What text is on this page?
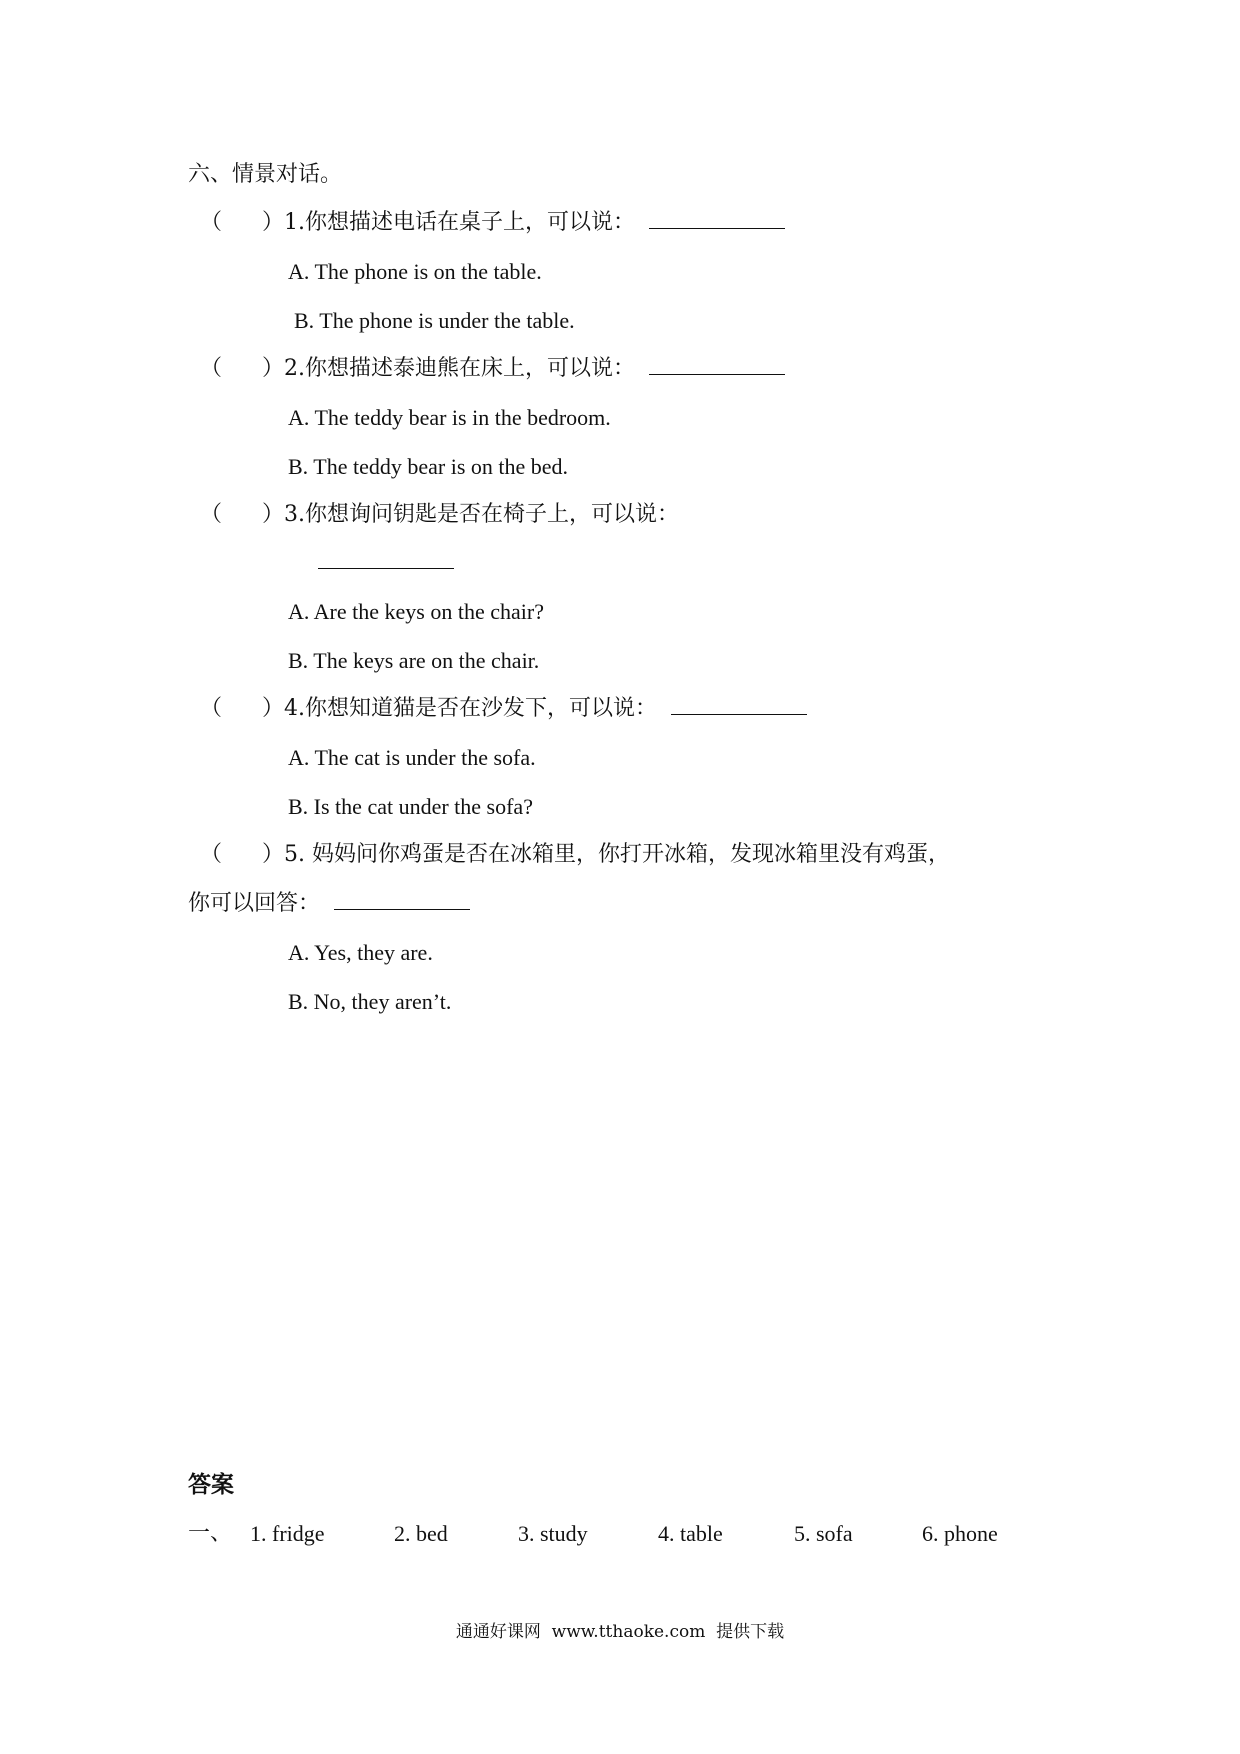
六、情景对话。
（ ）1.你想描述电话在桌子上，可以说：
A. The phone is on the table.
B. The phone is under the table.
（ ）2.你想描述泰迪熊在床上，可以说：
A. The teddy bear is in the bedroom.
B. The teddy bear is on the bed.
（ ）3.你想询问钥匙是否在椅子上，可以说：
A. Are the keys on the chair?
B. The keys are on the chair.
（ ）4.你想知道猫是否在沙发下，可以说：
A. The cat is under the sofa.
B. Is the cat under the sofa?
（ ）5. 妈妈问你鸡蛋是否在冰箱里，你打开冰箱，发现冰箱里没有鸡蛋，
你可以回答：
A. Yes, they are.
B. No, they aren’t.
答案
一、 1. fridge	2. bed	3. study	4. table	5. sofa	6. phone
通通好课网  www.tthaoke.com  提供下载
